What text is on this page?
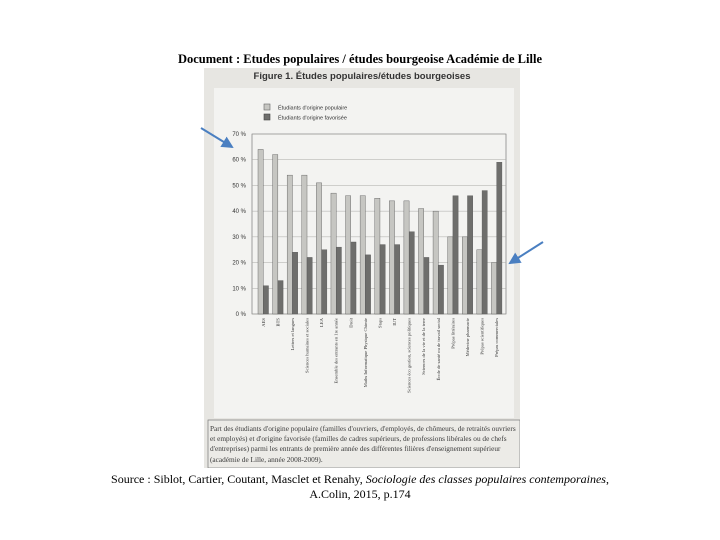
Document : Etudes populaires / études bourgeoise Académie de Lille
Figure 1. Études populaires/études bourgeoises
Étudiants d'origine populaire
Étudiants d'origine favorisée
0 %
10 %
20 %
30 %
40 %
50 %
60 %
70 %
AES BTS Lettres et langues Sciences humaines et sociales LEA Ensemble des entrants en 1re année Droit Maths Informatique Physique Chimie Staps IUT Sciences éco gestion, sciences politiques Sciences de la vie et de la terre École de santé ou de travail social Prépas littéraires Médecine pharmacie Prépas scientifiques Prépas commerciales
Part des étudiants d'origine populaire (familles d'ouvriers, d'employés, de chômeurs, de retraités ouvriers et employés) et d'origine favorisée (familles de cadres supérieurs, de professions libérales ou de chefs d'entreprises) parmi les entrants de première année des différentes filières d'enseignement supérieur (académie de Lille, année 2008-2009).
Source : Siblot, Cartier, Coutant, Masclet et Renahy, Sociologie des classes populaires contemporaines,
A.Colin, 2015, p.174
